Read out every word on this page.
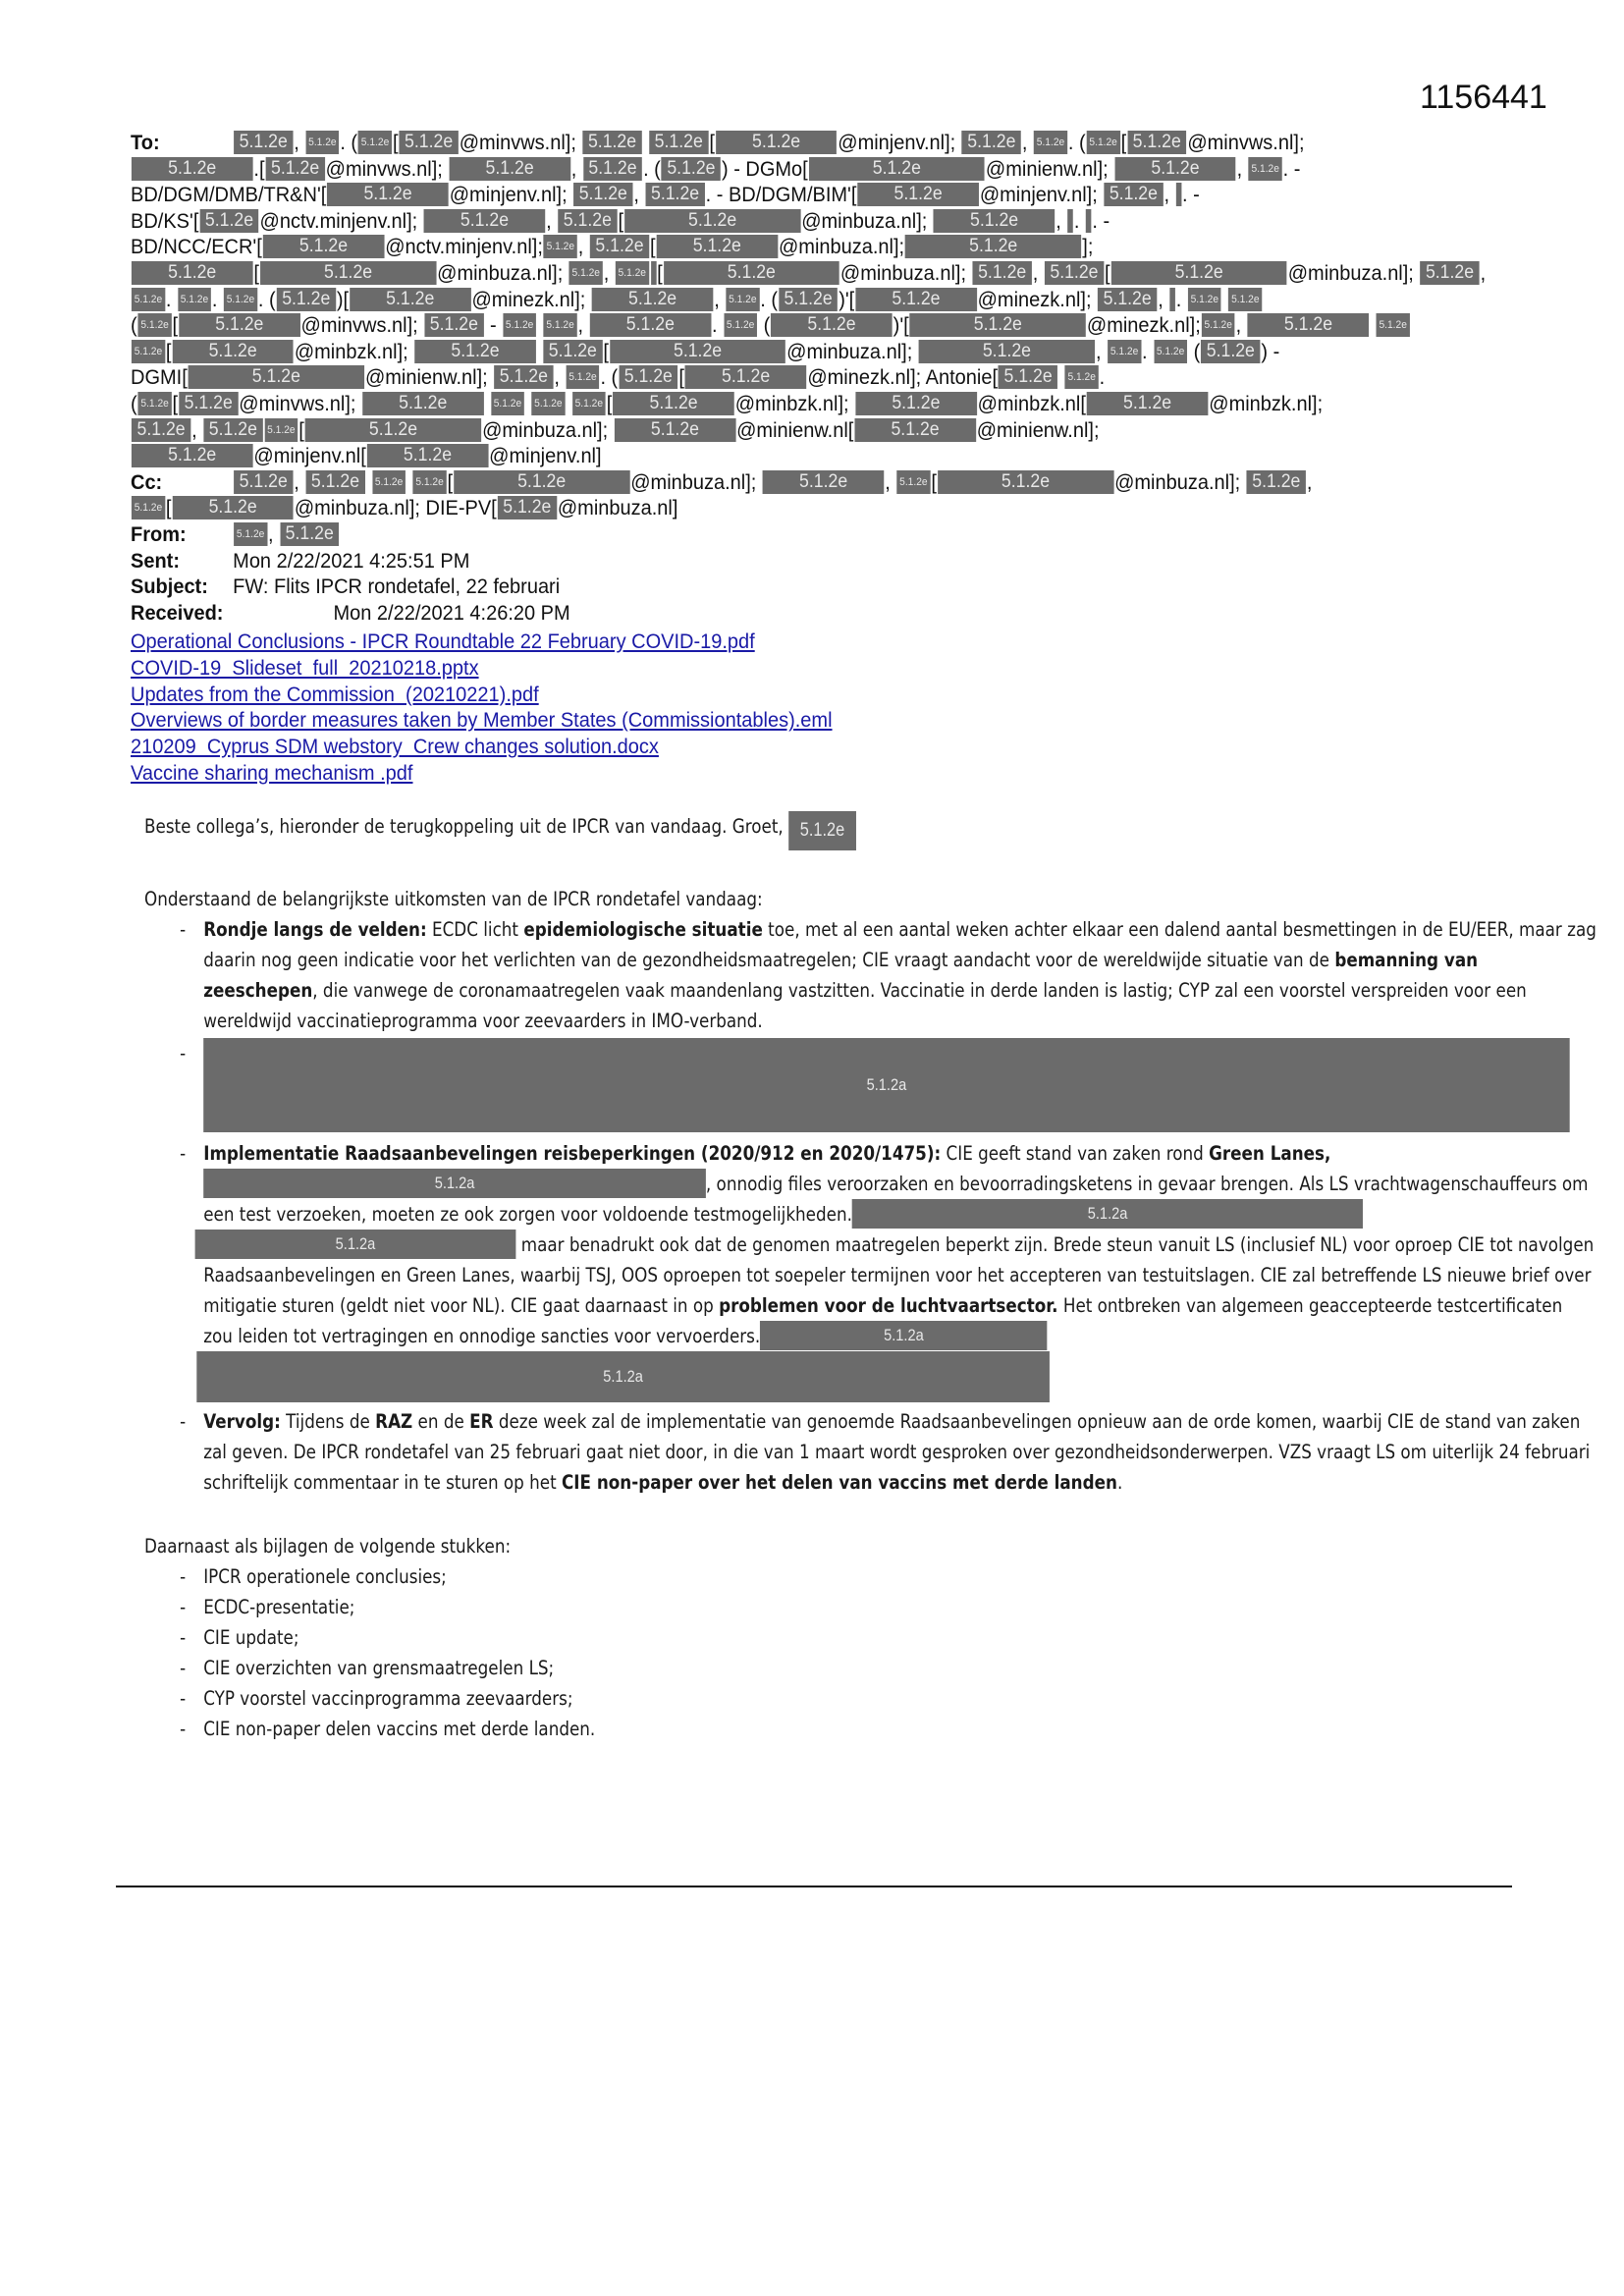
1156441
To:	5.1.2e , 5.1.2e . ( 5.1.2e [ 5.1.2e @minvws.nl]; 5.1.2e 5.1.2e [ 5.1.2e @minjenv.nl]; 5.1.2e , 5.1.2e . ( 5.1.2e [ 5.1.2e @minvws.nl];
5.1.2e .[ 5.1.2e @minvws.nl]; 5.1.2e , 5.1.2e . ( 5.1.2e ) - DGMo[	5.1.2e	@minienw.nl]; 5.1.2e , 5.1.2e . -
BD/DGM/DMB/TR&N'[ 5.1.2e @minjenv.nl]; 5.1.2e , 5.1.2e . - BD/DGM/BIM'[ 5.1.2e @minjenv.nl]; 5.1.2e , . -
BD/KS'[ 5.1.2e @nctv.minjenv.nl]; 5.1.2e , 5.1.2e [	5.1.2e	@minbuza.nl]; 5.1.2e , . . -
BD/NCC/ECR'[ 5.1.2e @nctv.minjenv.nl]; 5.1.2e , 5.1.2e [ 5.1.2e @minbuza.nl];	5.1.2e	];
5.1.2e [	5.1.2e	@minbuza.nl]; 5.1.2e , 5.1.2e [	5.1.2e	@minbuza.nl]; 5.1.2e , 5.1.2e [	5.1.2e	@minbuza.nl]; 5.1.2e ,
5.1.2e . 5.1.2e . 5.1.2e . ( 5.1.2e )[ 5.1.2e @minezk.nl]; 5.1.2e , 5.1.2e . ( 5.1.2e )'[ 5.1.2e @minezk.nl]; 5.1.2e , . 5.1.2e 5.1.2e
( 5.1.2e [ 5.1.2e @minvws.nl]; 5.1.2e - 5.1.2e 5.1.2e , 5.1.2e . 5.1.2e ( 5.1.2e )'[	5.1.2e	@minezk.nl]; 5.1.2e , 5.1.2e	5.1.2e
5.1.2e [ 5.1.2e @minbzk.nl]; 5.1.2e	5.1.2e [	5.1.2e	@minbuza.nl];	5.1.2e	, 5.1.2e . 5.1.2e ( 5.1.2e ) -
DGMI[	5.1.2e	@minienw.nl]; 5.1.2e , 5.1.2e . ( 5.1.2e [ 5.1.2e @minezk.nl]; Antonie[ 5.1.2e 5.1.2e .
( 5.1.2e [ 5.1.2e @minvws.nl]; 5.1.2e	5.1.2e 5.1.2e 5.1.2e [ 5.1.2e @minbzk.nl]; 5.1.2e @minbzk.nl[ 5.1.2e @minbzk.nl];
5.1.2e , 5.1.2e 5.1.2e [	5.1.2e	@minbuza.nl]; 5.1.2e @minienw.nl[ 5.1.2e @minienw.nl];
5.1.2e @minjenv.nl[ 5.1.2e @minjenv.nl]
Cc:	5.1.2e , 5.1.2e 5.1.2e 5.1.2e [	5.1.2e	@minbuza.nl]; 5.1.2e , 5.1.2e [	5.1.2e	@minbuza.nl]; 5.1.2e ,
5.1.2e [ 5.1.2e @minbuza.nl]; DIE-PV[ 5.1.2e @minbuza.nl]
From:	5.1.2e , 5.1.2e
Sent:	Mon 2/22/2021 4:25:51 PM
Subject: FW: Flits IPCR rondetafel, 22 februari
Received:	Mon 2/22/2021 4:26:20 PM
Operational Conclusions - IPCR Roundtable 22 February COVID-19.pdf
COVID-19_Slideset_full_20210218.pptx
Updates from the Commission_(20210221).pdf
Overviews of border measures taken by Member States (Commissiontables).eml
210209_Cyprus SDM webstory_Crew changes solution.docx
Vaccine sharing mechanism .pdf

Beste collega’s, hieronder de terugkoppeling uit de IPCR van vandaag. Groet, 5.1.2e

Onderstaand de belangrijkste uitkomsten van de IPCR rondetafel vandaag:

- Rondje langs de velden: ECDC licht epidemiologische situatie toe, met al een aantal weken achter elkaar een dalend aantal besmettingen in de EU/EER, maar zag daarin nog geen indicatie voor het verlichten van de gezondheidsmaatregelen; CIE vraagt aandacht voor de wereldwijde situatie van de bemanning van zeeschepen, die vanwege de coronamaatregelen vaak maandenlang vastzitten. Vaccinatie in derde landen is lastig; CYP zal een voorstel verspreiden voor een wereldwijd vaccinatieprogramma voor zeevaarders in IMO-verband.
-
5.1.2a
- Implementatie Raadsaanbevelingen reisbeperkingen (2020/912 en 2020/1475): CIE geeft stand van zaken rond Green Lanes, 5.1.2a	, onnodig files veroorzaken en bevoorradingsketens in gevaar brengen. Als LS vrachtwagenschauffeurs om een test verzoeken, moeten ze ook zorgen voor voldoende testmogelijkheden.	5.1.2a
5.1.2a	maar benadrukt ook dat de genomen maatregelen beperkt zijn. Brede steun vanuit LS (inclusief NL) voor oproep CIE tot navolgen Raadsaanbevelingen en Green Lanes, waarbij TSJ, OOS oproepen tot soepeler termijnen voor het accepteren van testuitslagen. CIE zal betreffende LS nieuwe brief over mitigatie sturen (geldt niet voor NL). CIE gaat daarnaast in op problemen voor de luchtvaartsector. Het ontbreken van algemeen geaccepteerde testcertificaten zou leiden tot vertragingen en onnodige sancties voor vervoerders.	5.1.2a
5.1.2a
- Vervolg: Tijdens de RAZ en de ER deze week zal de implementatie van genoemde Raadsaanbevelingen opnieuw aan de orde komen, waarbij CIE de stand van zaken zal geven. De IPCR rondetafel van 25 februari gaat niet door, in die van 1 maart wordt gesproken over gezondheidsonderwerpen. VZS vraagt LS om uiterlijk 24 februari schriftelijk commentaar in te sturen op het CIE non-paper over het delen van vaccins met derde landen.

Daarnaast als bijlagen de volgende stukken:

- IPCR operationele conclusies;
- ECDC-presentatie;
- CIE update;
- CIE overzichten van grensmaatregelen LS;
- CYP voorstel vaccinprogramma zeevaarders;
- CIE non-paper delen vaccins met derde landen.
